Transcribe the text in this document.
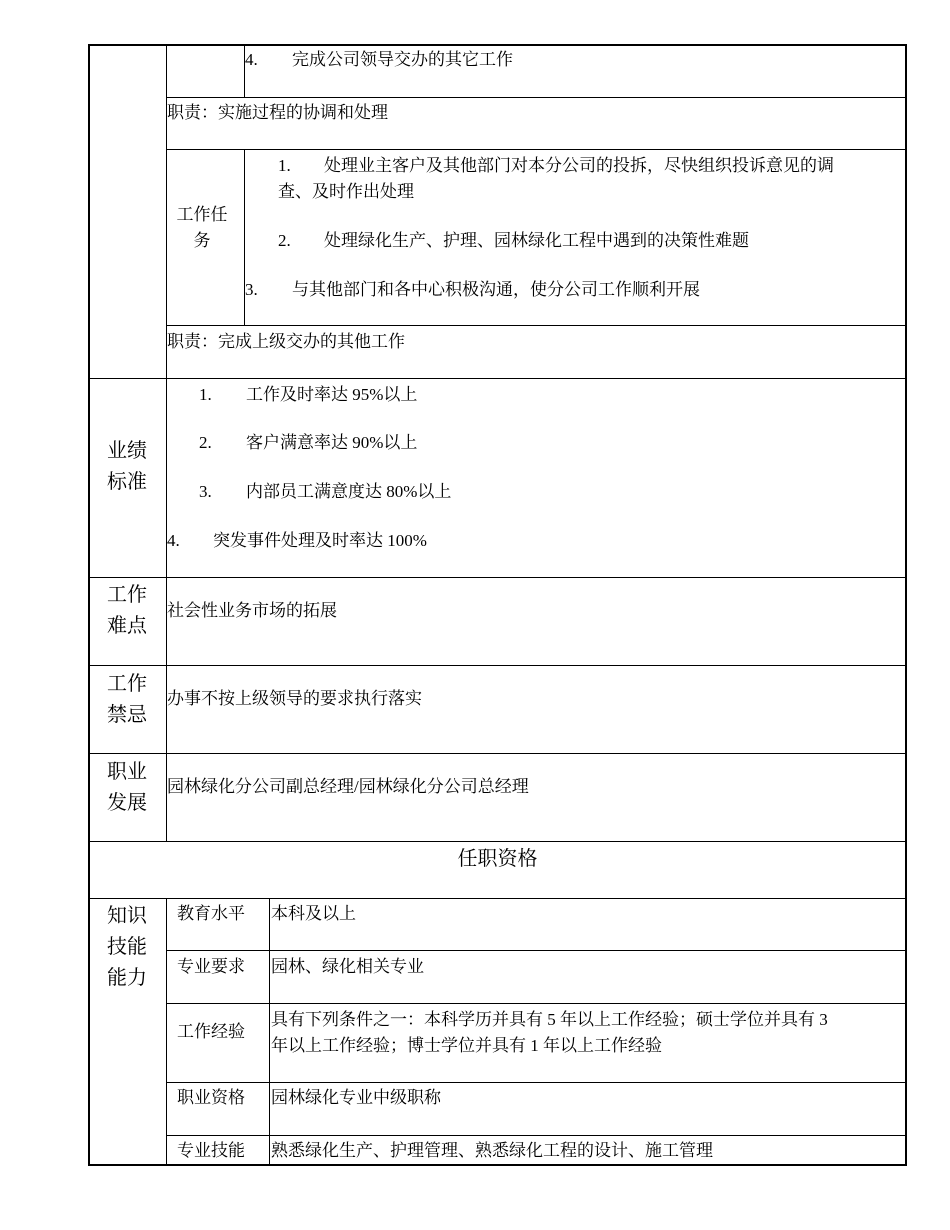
4. 完成公司领导交办的其它工作
职责：实施过程的协调和处理
工作任务
1. 处理业主客户及其他部门对本分公司的投拆，尽快组织投诉意见的调
查、及时作出处理
2. 处理绿化生产、护理、园林绿化工程中遇到的决策性难题
3. 与其他部门和各中心积极沟通，使分公司工作顺利开展
职责：完成上级交办的其他工作
业绩
标准
1. 工作及时率达 95%以上
2. 客户满意率达 90%以上
3. 内部员工满意度达 80%以上
4. 突发事件处理及时率达 100%
工作
难点
社会性业务市场的拓展
工作
禁忌
办事不按上级领导的要求执行落实
职业
发展
园林绿化分公司副总经理/园林绿化分公司总经理
任职资格
知识
技能
能力
教育水平 本科及以上
专业要求 园林、绿化相关专业
工作经验
具有下列条件之一：本科学历并具有 5 年以上工作经验；硕士学位并具有 3
年以上工作经验；博士学位并具有 1 年以上工作经验
职业资格 园林绿化专业中级职称
专业技能 熟悉绿化生产、护理管理、熟悉绿化工程的设计、施工管理
